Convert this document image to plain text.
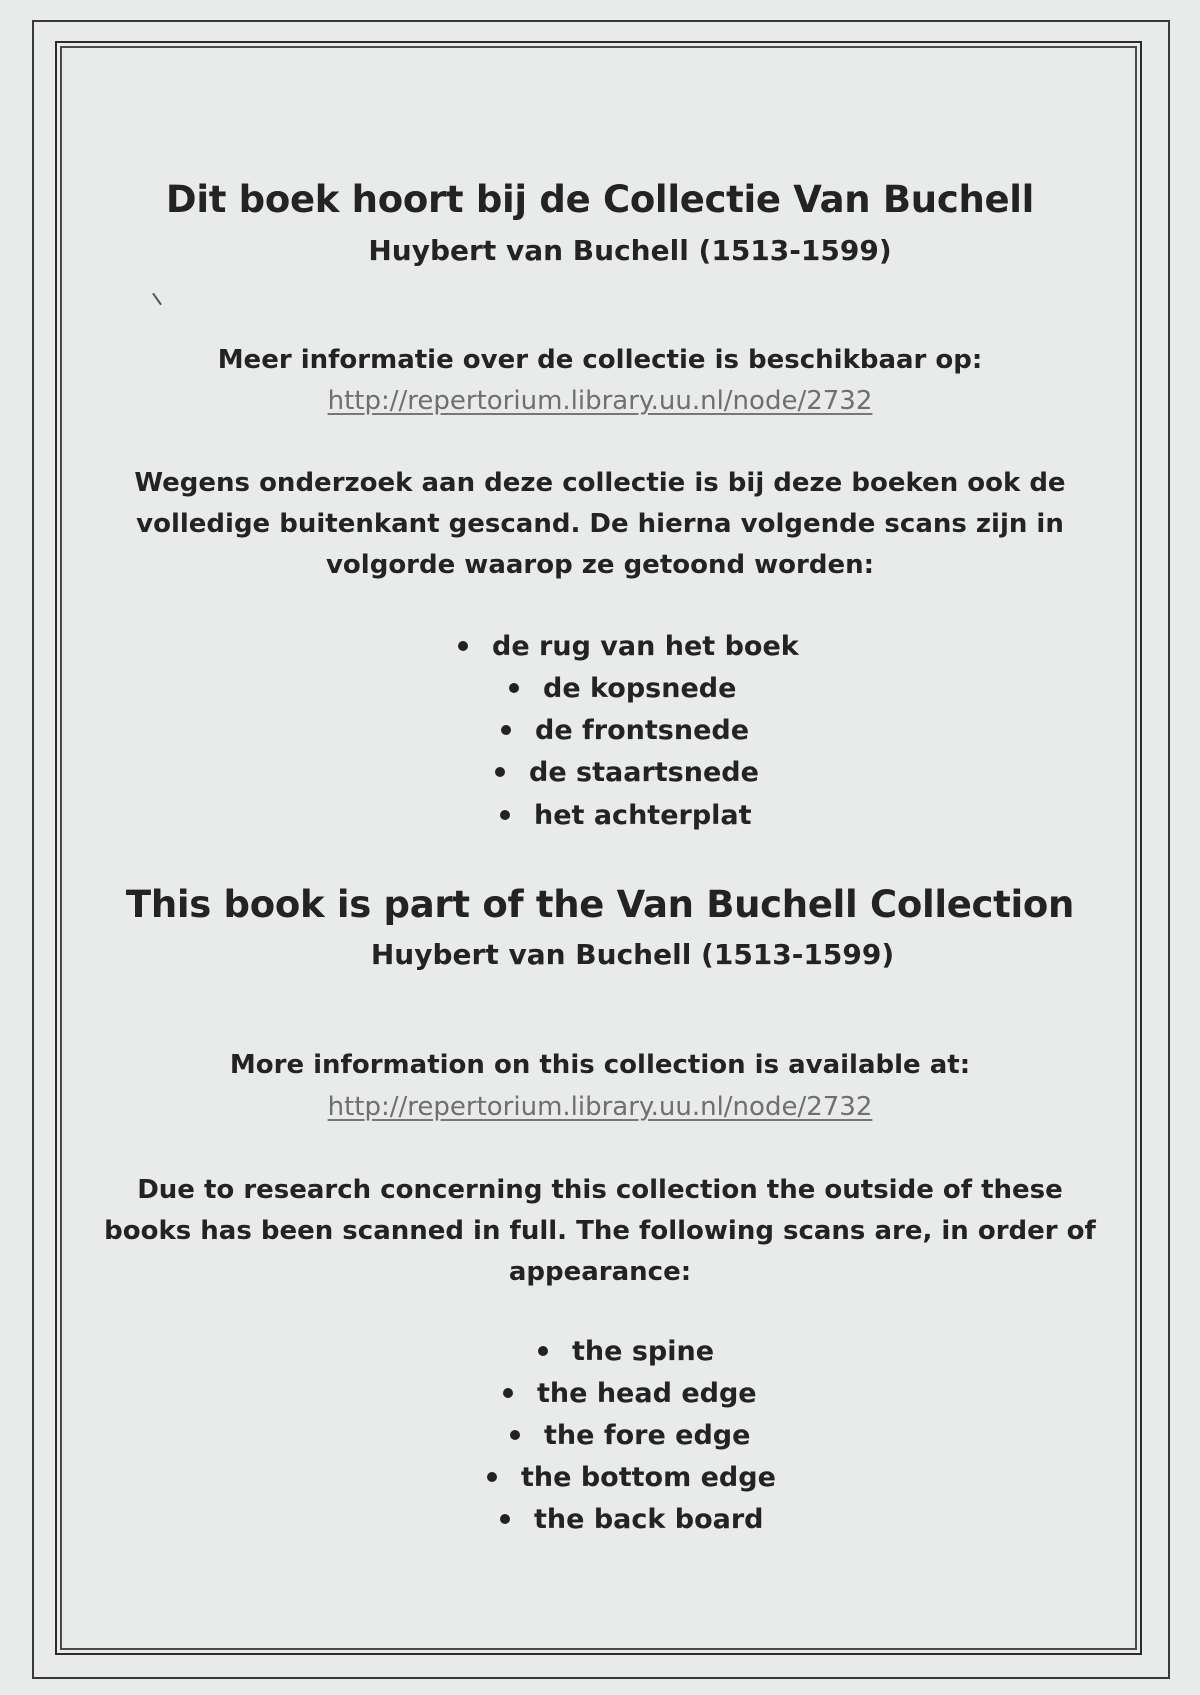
Dit boek hoort bij de Collectie Van Buchell
Huybert van Buchell (1513-1599)
Meer informatie over de collectie is beschikbaar op:
http://repertorium.library.uu.nl/node/2732
Wegens onderzoek aan deze collectie is bij deze boeken ook de
volledige buitenkant gescand. De hierna volgende scans zijn in
volgorde waarop ze getoond worden:
de rug van het boek
de kopsnede
de frontsnede
de staartsnede
het achterplat
This book is part of the Van Buchell Collection
Huybert van Buchell (1513-1599)
More information on this collection is available at:
http://repertorium.library.uu.nl/node/2732
Due to research concerning this collection the outside of these
books has been scanned in full. The following scans are, in order of
appearance:
the spine
the head edge
the fore edge
the bottom edge
the back board
